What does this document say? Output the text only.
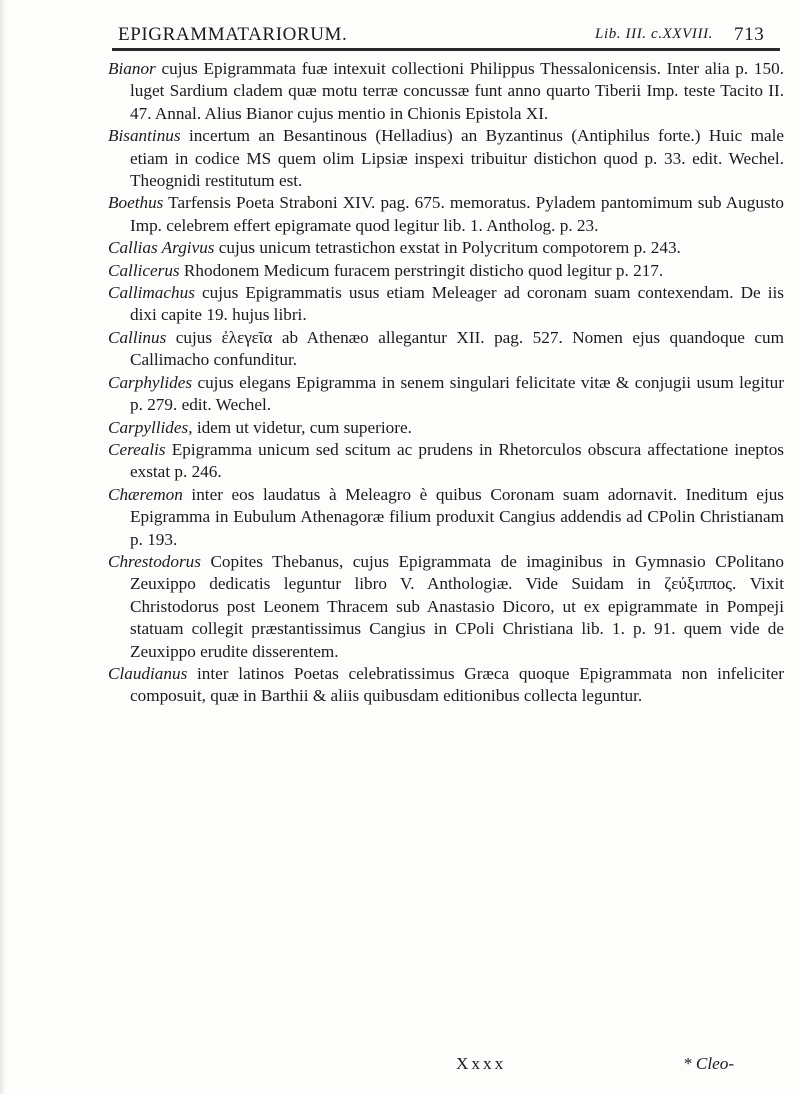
EPIGRAMMATARIORUM.	Lib. III. c.XXVIII. 713

Bianor cujus Epigrammata fuæ intexuit collectioni Philippus Thessalonicensis. Inter alia p. 150. luget Sardium cladem quæ motu terræ concussæ funt anno quarto Tiberii Imp. teste Tacito II. 47. Annal. Alius Bianor cujus mentio in Chionis Epistola XI.

Bisantinus incertum an Besantinous (Helladius) an Byzantinus (Antiphilus forte.) Huic male etiam in codice MS quem olim Lipsiæ inspexi tribuitur distichon quod p. 33. edit. Wechel. Theognidi restitutum est.

Boethus Tarfensis Poeta Straboni XIV. pag. 675. memoratus. Pyladem pantomimum sub Augusto Imp. celebrem effert epigramate quod legitur lib. 1. Antholog. p. 23.

Callias Argivus cujus unicum tetrastichon exstat in Polycritum compotorem p. 243.

Callicerus Rhodonem Medicum furacem perstringit disticho quod legitur p. 217.

Callimachus cujus Epigrammatis usus etiam Meleager ad coronam suam contexendam. De iis dixi capite 19. hujus libri.

Callinus cujus ἐλεγεῖα ab Athenæo allegantur XII. pag. 527. Nomen ejus quandoque cum Callimacho confunditur.

Carphylides cujus elegans Epigramma in senem singulari felicitate vitæ & conjugii usum legitur p. 279. edit. Wechel.

Carpyllides, idem ut videtur, cum superiore.

Cerealis Epigramma unicum sed scitum ac prudens in Rhetorculos obscura affectatione ineptos exstat p. 246.

Chæremon inter eos laudatus à Meleagro è quibus Coronam suam adornavit. Ineditum ejus Epigramma in Eubulum Athenagoræ filium produxit Cangius addendis ad CPolin Christianam p. 193.

Chrestodorus Copites Thebanus, cujus Epigrammata de imaginibus in Gymnasio CPolitano Zeuxippo dedicatis leguntur libro V. Anthologiæ. Vide Suidam in ζεύξιππος. Vixit Christodorus post Leonem Thracem sub Anastasio Dicoro, ut ex epigrammate in Pompeji statuam collegit præstantissimus Cangius in CPoli Christiana lib. 1. p. 91. quem vide de Zeuxippo erudite disserentem.

Claudianus inter latinos Poetas celebratissimus Græca quoque Epigrammata non infeliciter composuit, quæ in Barthii & aliis quibusdam editionibus collecta leguntur.

Xxxx	* Cleo-
